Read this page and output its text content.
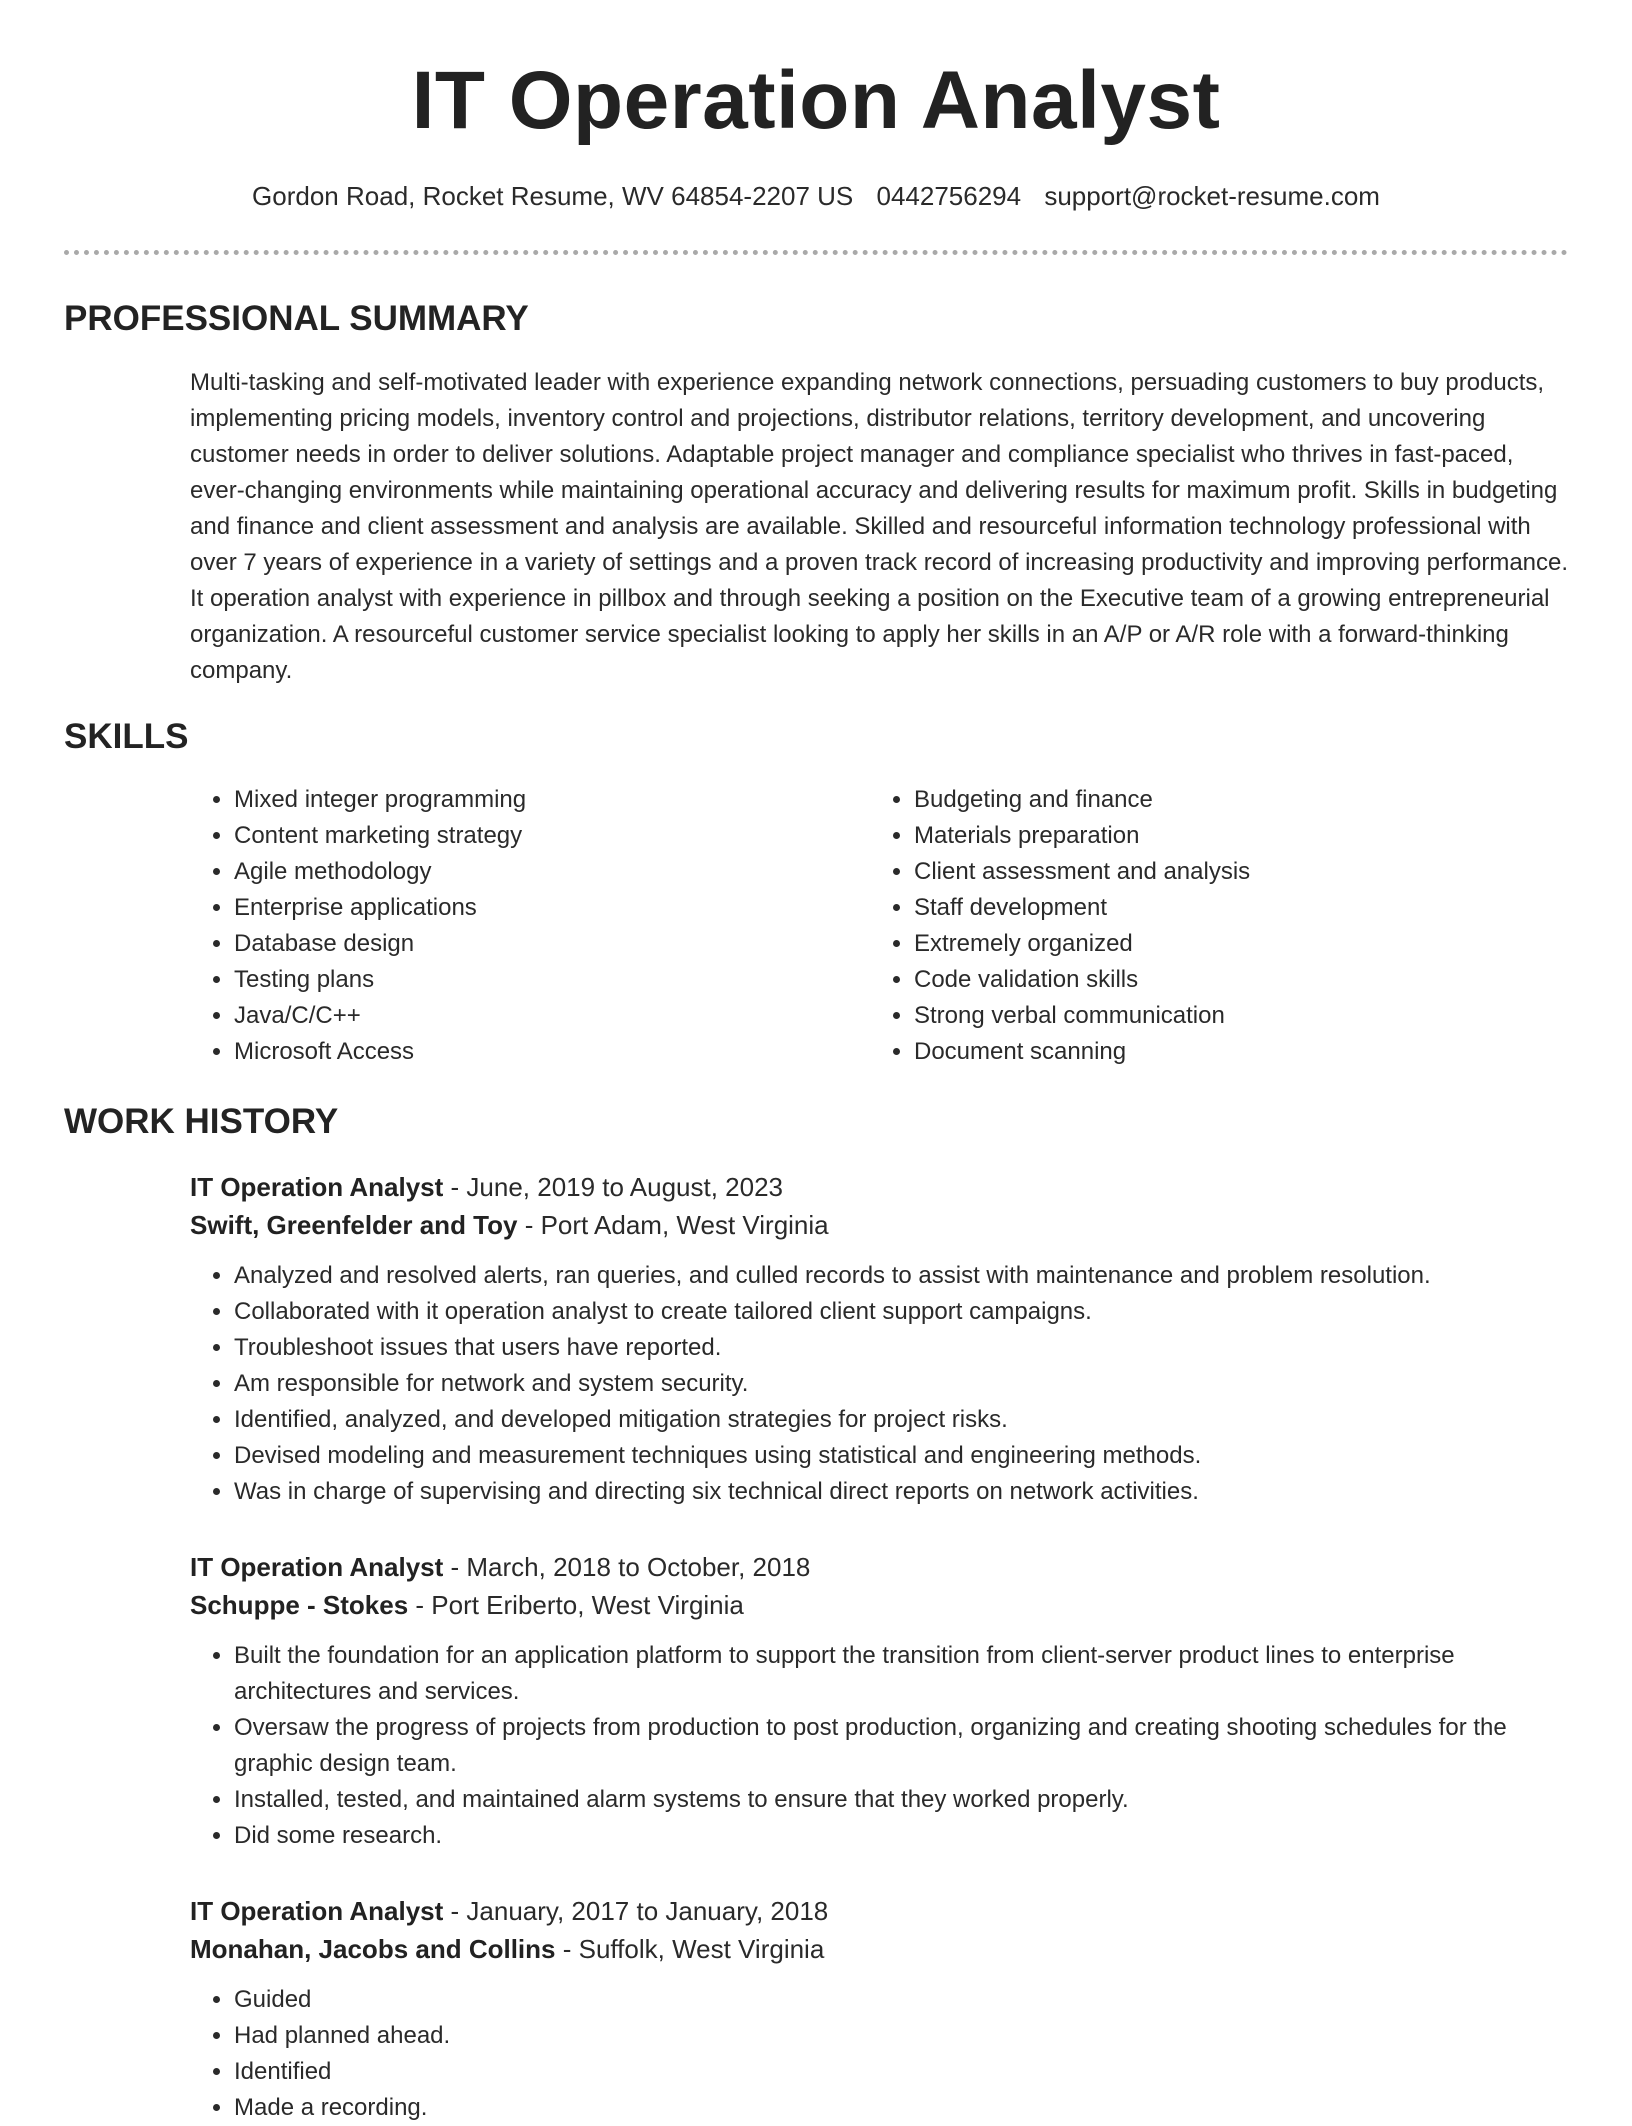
IT Operation Analyst
Gordon Road, Rocket Resume, WV 64854-2207 US 0442756294 support@rocket-resume.com
PROFESSIONAL SUMMARY

Multi-tasking and self-motivated leader with experience expanding network connections, persuading customers to buy products, implementing pricing models, inventory control and projections, distributor relations, territory development, and uncovering customer needs in order to deliver solutions. Adaptable project manager and compliance specialist who thrives in fast-paced, ever-changing environments while maintaining operational accuracy and delivering results for maximum profit. Skills in budgeting and finance and client assessment and analysis are available. Skilled and resourceful information technology professional with over 7 years of experience in a variety of settings and a proven track record of increasing productivity and improving performance. It operation analyst with experience in pillbox and through seeking a position on the Executive team of a growing entrepreneurial organization. A resourceful customer service specialist looking to apply her skills in an A/P or A/R role with a forward-thinking company.

SKILLS
• Mixed integer programming
• Content marketing strategy
• Agile methodology
• Enterprise applications
• Database design
• Testing plans
• Java/C/C++
• Microsoft Access
• Budgeting and finance
• Materials preparation
• Client assessment and analysis
• Staff development
• Extremely organized
• Code validation skills
• Strong verbal communication
• Document scanning
WORK HISTORY
IT Operation Analyst - June, 2019 to August, 2023
Swift, Greenfelder and Toy - Port Adam, West Virginia
• Analyzed and resolved alerts, ran queries, and culled records to assist with maintenance and problem resolution.
• Collaborated with it operation analyst to create tailored client support campaigns.
• Troubleshoot issues that users have reported.
• Am responsible for network and system security.
• Identified, analyzed, and developed mitigation strategies for project risks.
• Devised modeling and measurement techniques using statistical and engineering methods.
• Was in charge of supervising and directing six technical direct reports on network activities.
IT Operation Analyst - March, 2018 to October, 2018
Schuppe - Stokes - Port Eriberto, West Virginia
• Built the foundation for an application platform to support the transition from client-server product lines to enterprise architectures and services.
• Oversaw the progress of projects from production to post production, organizing and creating shooting schedules for the graphic design team.
• Installed, tested, and maintained alarm systems to ensure that they worked properly.
• Did some research.
IT Operation Analyst - January, 2017 to January, 2018
Monahan, Jacobs and Collins - Suffolk, West Virginia
• Guided
• Had planned ahead.
• Identified
• Made a recording.
